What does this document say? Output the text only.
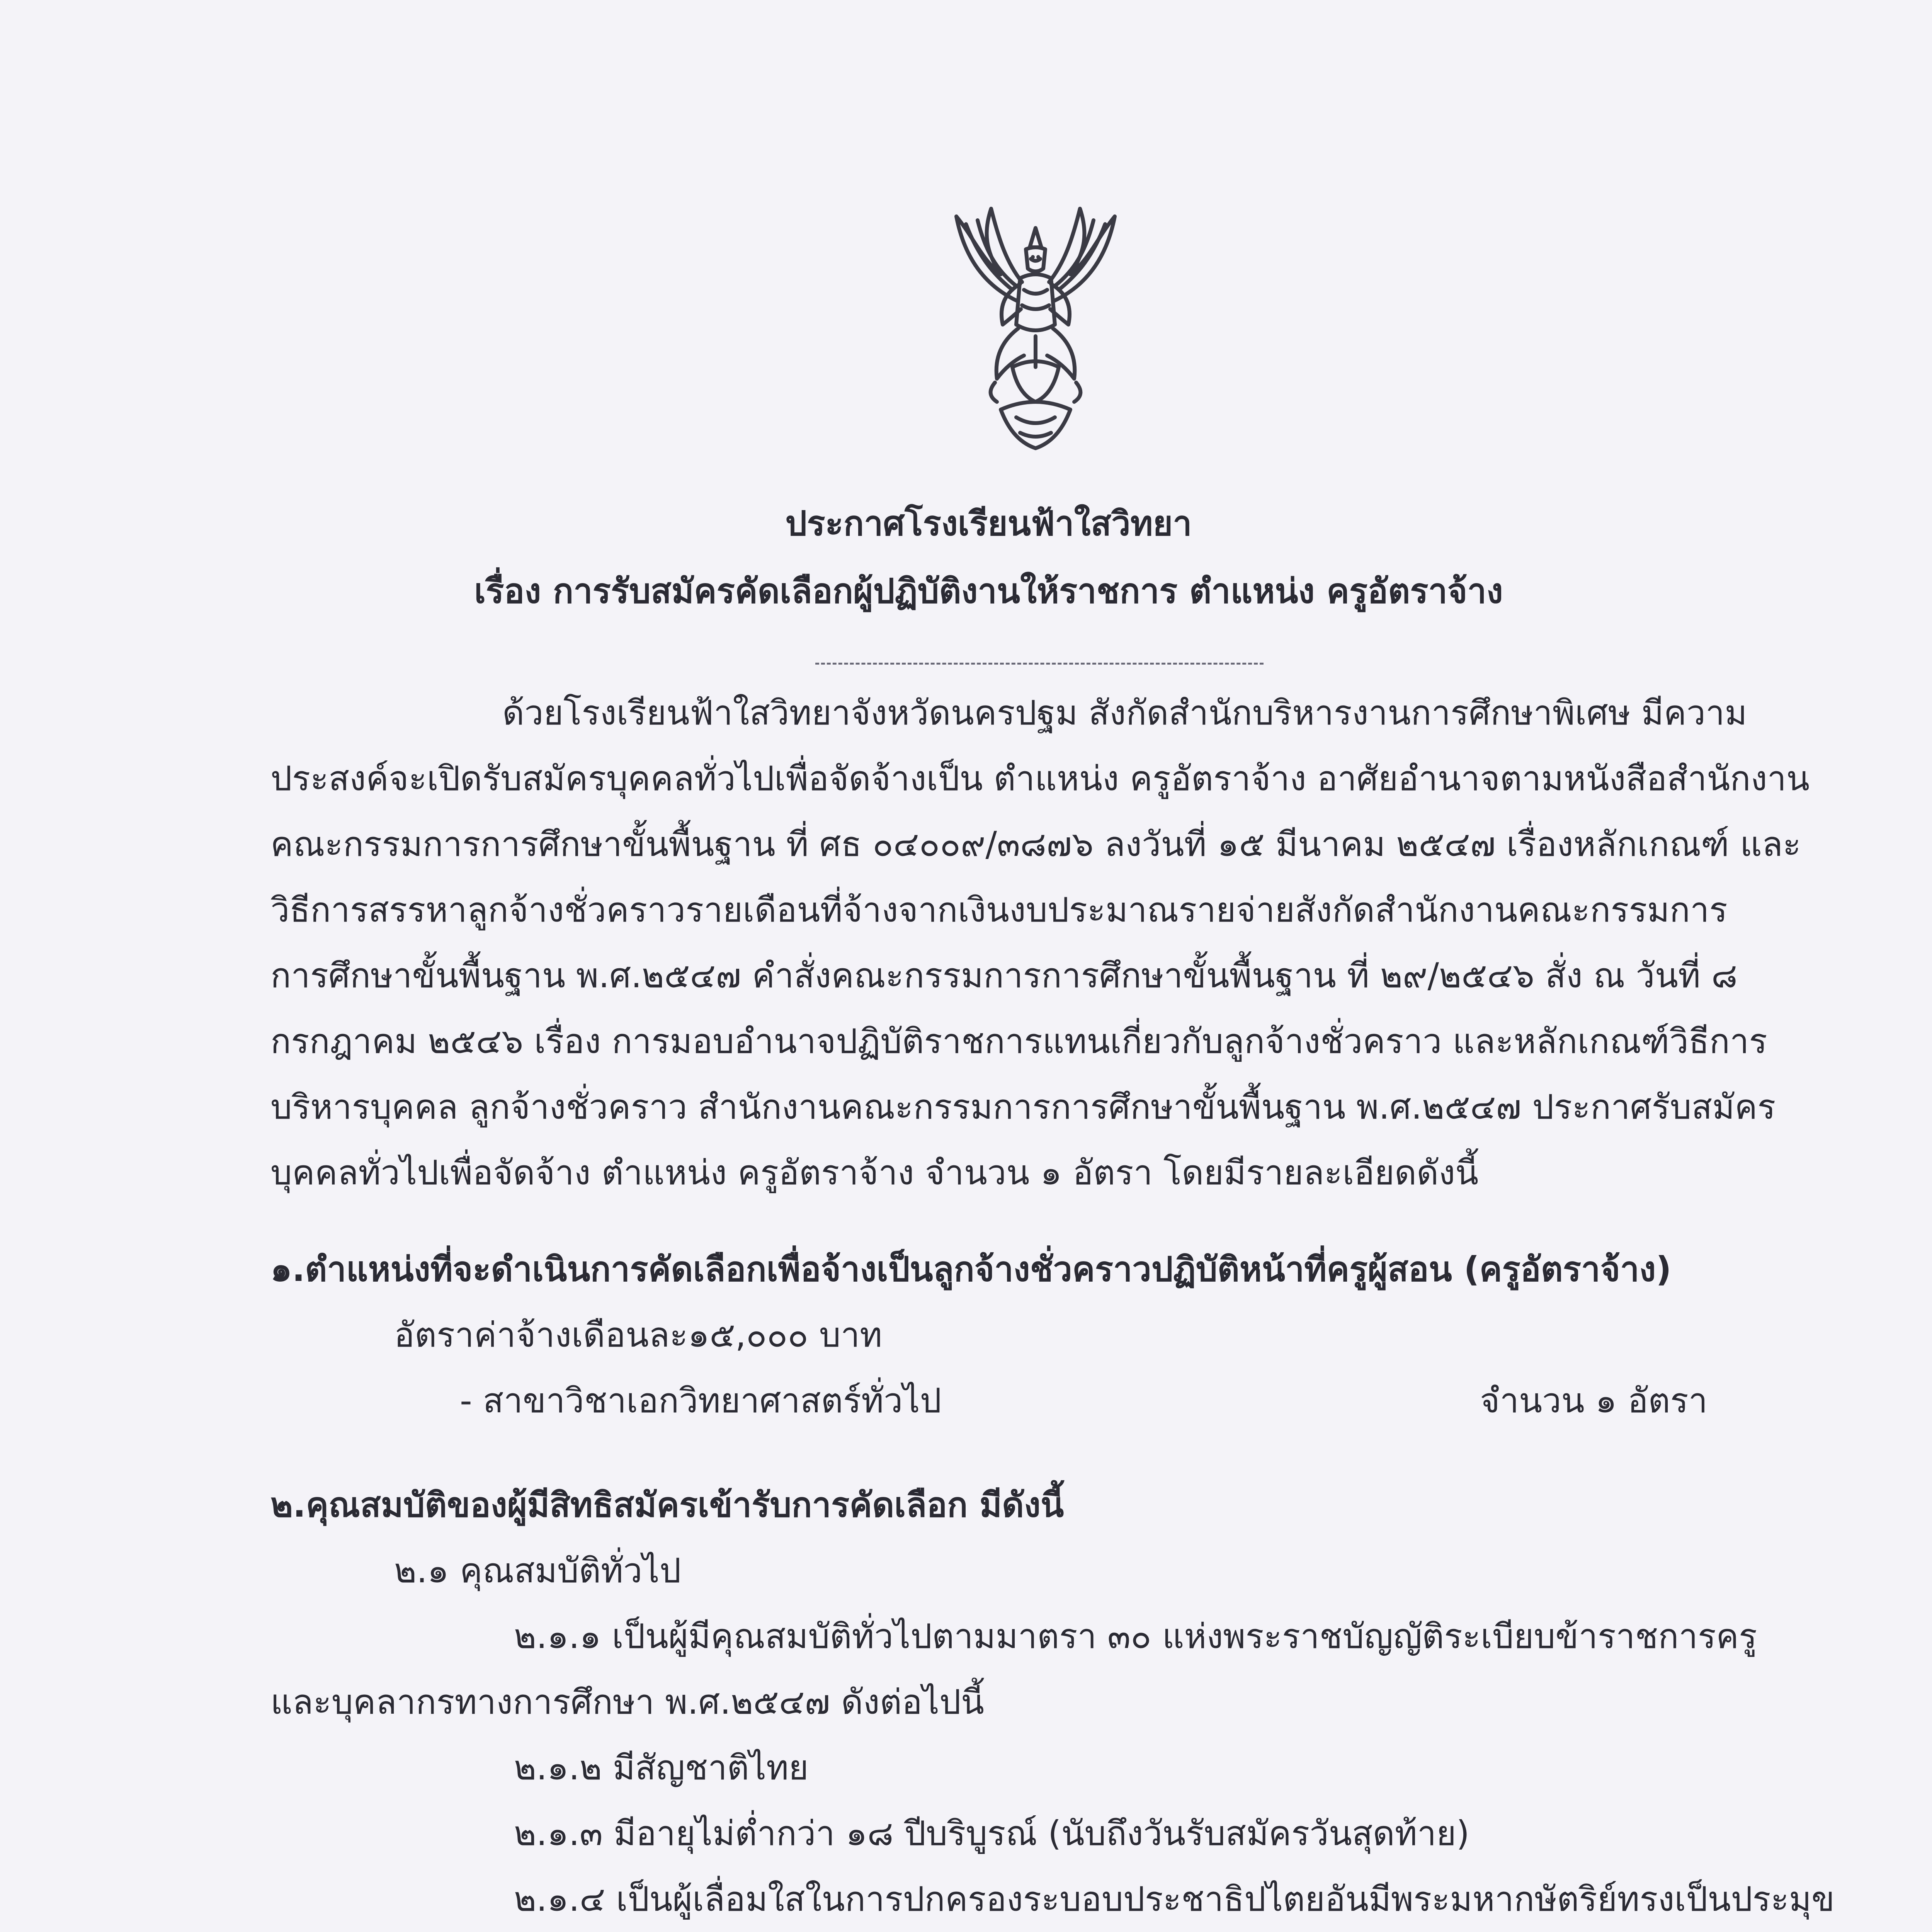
ประกาศโรงเรียนฟ้าใสวิทยา

เรื่อง การรับสมัครคัดเลือกผู้ปฏิบัติงานให้ราชการ ตำแหน่ง ครูอัตราจ้าง

ด้วยโรงเรียนฟ้าใสวิทยาจังหวัดนครปฐม สังกัดสำนักบริหารงานการศึกษาพิเศษ มีความ

ประสงค์จะเปิดรับสมัครบุคคลทั่วไปเพื่อจัดจ้างเป็น ตำแหน่ง ครูอัตราจ้าง อาศัยอำนาจตามหนังสือสำนักงาน

คณะกรรมการการศึกษาขั้นพื้นฐาน ที่ ศธ ๐๔๐๐๙/๓๘๗๖ ลงวันที่ ๑๕ มีนาคม ๒๕๔๗ เรื่องหลักเกณฑ์ และ

วิธีการสรรหาลูกจ้างชั่วคราวรายเดือนที่จ้างจากเงินงบประมาณรายจ่ายสังกัดสำนักงานคณะกรรมการ

การศึกษาขั้นพื้นฐาน พ.ศ.๒๕๔๗ คำสั่งคณะกรรมการการศึกษาขั้นพื้นฐาน ที่ ๒๙/๒๕๔๖ สั่ง ณ วันที่ ๘

กรกฎาคม ๒๕๔๖ เรื่อง การมอบอำนาจปฏิบัติราชการแทนเกี่ยวกับลูกจ้างชั่วคราว และหลักเกณฑ์วิธีการ

บริหารบุคคล ลูกจ้างชั่วคราว สำนักงานคณะกรรมการการศึกษาขั้นพื้นฐาน พ.ศ.๒๕๔๗ ประกาศรับสมัคร

บุคคลทั่วไปเพื่อจัดจ้าง ตำแหน่ง ครูอัตราจ้าง จำนวน ๑ อัตรา โดยมีรายละเอียดดังนี้

๑.ตำแหน่งที่จะดำเนินการคัดเลือกเพื่อจ้างเป็นลูกจ้างชั่วคราวปฏิบัติหน้าที่ครูผู้สอน (ครูอัตราจ้าง)

อัตราค่าจ้างเดือนละ๑๕,๐๐๐ บาท

- สาขาวิชาเอกวิทยาศาสตร์ทั่วไป	จำนวน ๑ อัตรา

๒.คุณสมบัติของผู้มีสิทธิสมัครเข้ารับการคัดเลือก มีดังนี้

๒.๑ คุณสมบัติทั่วไป

๒.๑.๑ เป็นผู้มีคุณสมบัติทั่วไปตามมาตรา ๓๐ แห่งพระราชบัญญัติระเบียบข้าราชการครู

และบุคลากรทางการศึกษา พ.ศ.๒๕๔๗ ดังต่อไปนี้

๒.๑.๒ มีสัญชาติไทย

๒.๑.๓ มีอายุไม่ต่ำกว่า ๑๘ ปีบริบูรณ์ (นับถึงวันรับสมัครวันสุดท้าย)

๒.๑.๔ เป็นผู้เลื่อมใสในการปกครองระบอบประชาธิปไตยอันมีพระมหากษัตริย์ทรงเป็นประมุข
